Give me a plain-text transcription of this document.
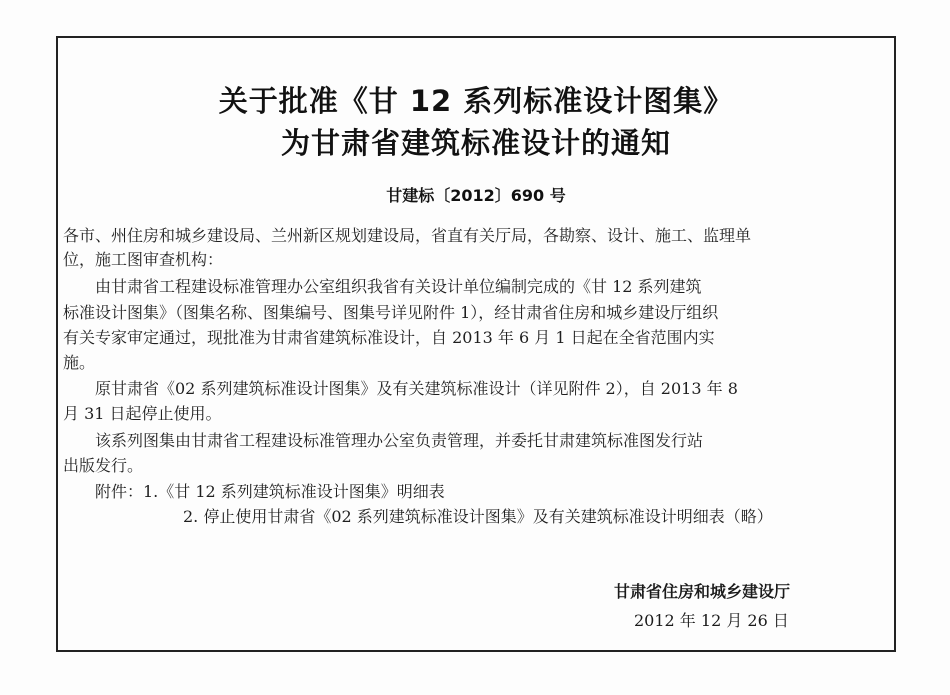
关于批准《甘 12 系列标准设计图集》
为甘肃省建筑标准设计的通知
甘建标〔2012〕690 号
各市、州住房和城乡建设局、兰州新区规划建设局，省直有关厅局，各勘察、设计、施工、监理单
位，施工图审查机构：
由甘肃省工程建设标准管理办公室组织我省有关设计单位编制完成的《甘 12 系列建筑
标准设计图集》（图集名称、图集编号、图集号详见附件 1），经甘肃省住房和城乡建设厅组织
有关专家审定通过，现批准为甘肃省建筑标准设计，自 2013 年 6 月 1 日起在全省范围内实
施。
原甘肃省《02 系列建筑标准设计图集》及有关建筑标准设计（详见附件 2），自 2013 年 8
月 31 日起停止使用。
该系列图集由甘肃省工程建设标准管理办公室负责管理，并委托甘肃建筑标准图发行站
出版发行。
附件：1.《甘 12 系列建筑标准设计图集》明细表
2. 停止使用甘肃省《02 系列建筑标准设计图集》及有关建筑标准设计明细表（略）
甘肃省住房和城乡建设厅
2012 年 12 月 26 日
